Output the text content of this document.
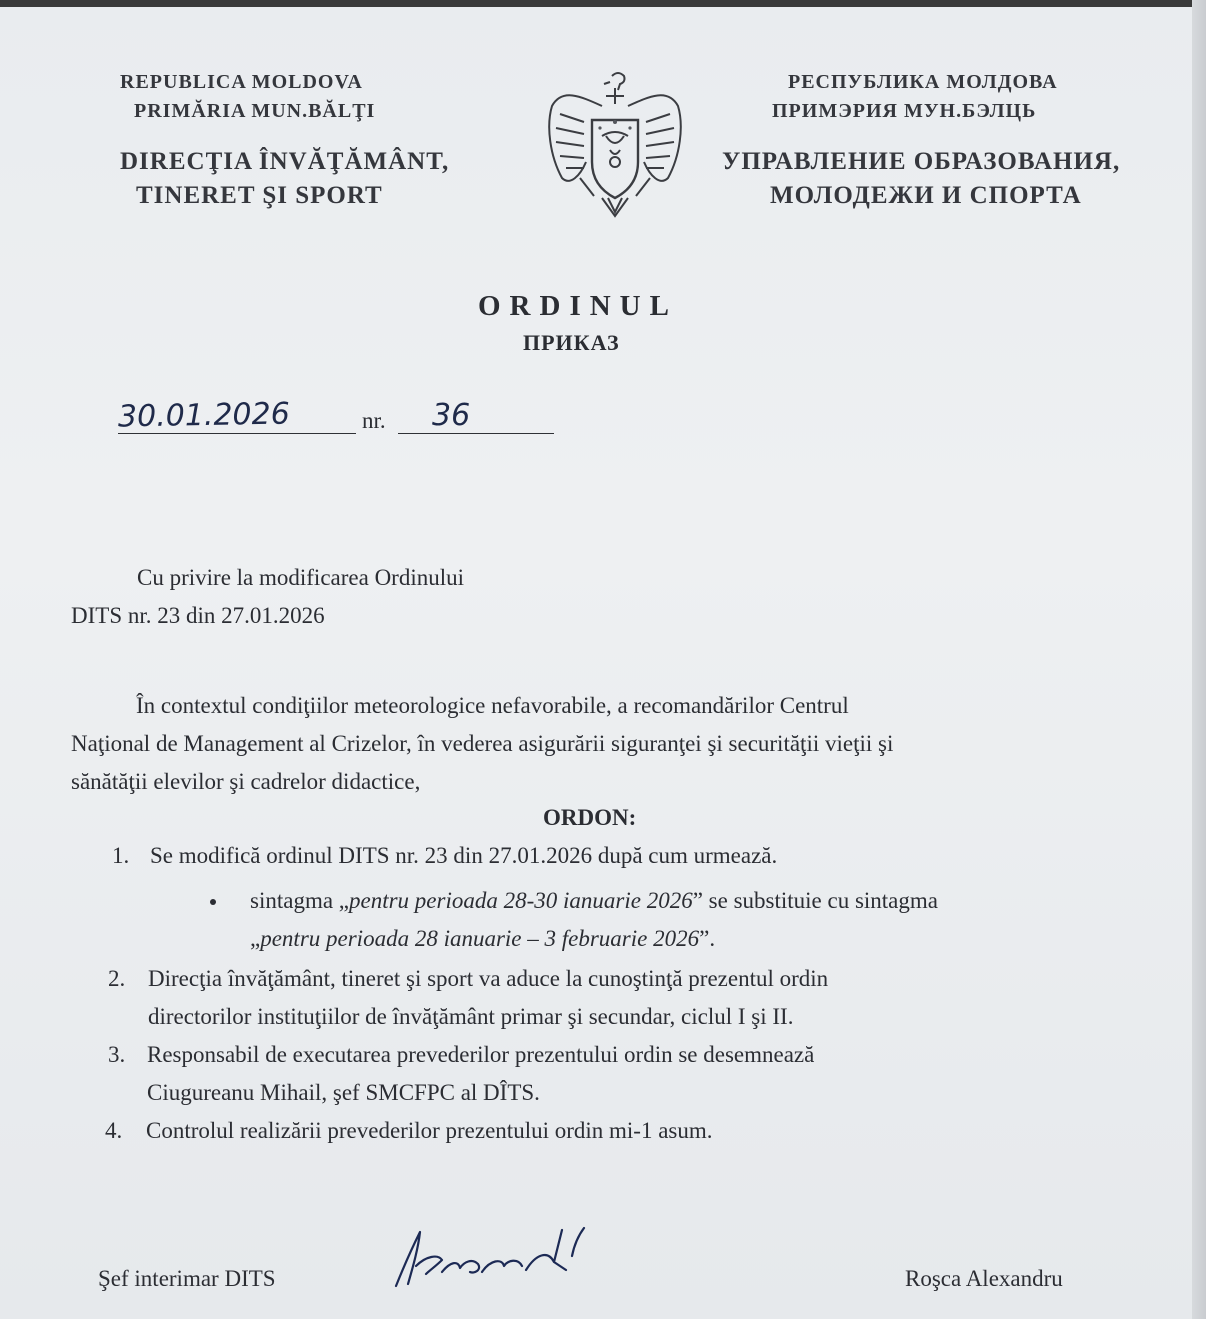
REPUBLICA MOLDOVA
PRIMĂRIA MUN.BĂLŢI
DIRECŢIA ÎNVĂŢĂMÂNT,
TINERET ŞI SPORT
РЕСПУБЛИКА МОЛДОВА
ПРИМЭРИЯ МУН.БЭЛЦЬ
УПРАВЛЕНИЕ ОБРАЗОВАНИЯ,
МОЛОДЕЖИ И СПОРТА
ORDINUL
ПРИКАЗ
30.01.2026	nr. 36
Cu privire la modificarea Ordinului
DITS nr. 23 din 27.01.2026
În contextul condiţiilor meteorologice nefavorabile, a recomandărilor Centrul
Naţional de Management al Crizelor, în vederea asigurării siguranţei şi securităţii vieţii şi
sănătăţii elevilor şi cadrelor didactice,
ORDON:
1. Se modifică ordinul DITS nr. 23 din 27.01.2026 după cum urmează.
sintagma „pentru perioada 28-30 ianuarie 2026” se substituie cu sintagma
„pentru perioada 28 ianuarie – 3 februarie 2026”.
2. Direcţia învăţământ, tineret şi sport va aduce la cunoştinţă prezentul ordin
directorilor instituţiilor de învăţământ primar şi secundar, ciclul I şi II.
3. Responsabil de executarea prevederilor prezentului ordin se desemnează
Ciugureanu Mihail, şef SMCFPC al DÎTS.
4. Controlul realizării prevederilor prezentului ordin mi-1 asum.
Şef interimar DITS	Roşca Alexandru
